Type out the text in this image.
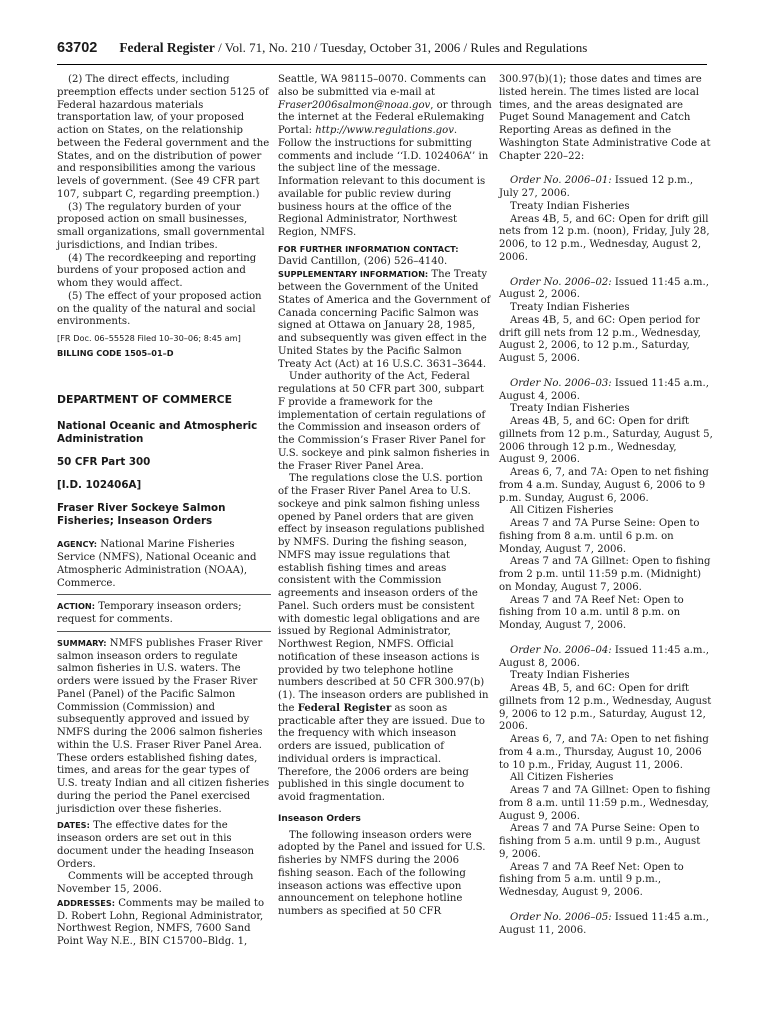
63702 Federal Register / Vol. 71, No. 210 / Tuesday, October 31, 2006 / Rules and Regulations

(2) The direct effects, including preemption effects under section 5125 of Federal hazardous materials transportation law, of your proposed action on States, on the relationship between the Federal government and the States, and on the distribution of power and responsibilities among the various levels of government. (See 49 CFR part 107, subpart C, regarding preemption.)

(3) The regulatory burden of your proposed action on small businesses, small organizations, small governmental jurisdictions, and Indian tribes.

(4) The recordkeeping and reporting burdens of your proposed action and whom they would affect.

(5) The effect of your proposed action on the quality of the natural and social environments.

[FR Doc. 06–55528 Filed 10–30–06; 8:45 am]

BILLING CODE 1505–01–D

DEPARTMENT OF COMMERCE

National Oceanic and Atmospheric Administration

50 CFR Part 300

[I.D. 102406A]

Fraser River Sockeye Salmon Fisheries; Inseason Orders

AGENCY: National Marine Fisheries Service (NMFS), National Oceanic and Atmospheric Administration (NOAA), Commerce.

ACTION: Temporary inseason orders; request for comments.

SUMMARY: NMFS publishes Fraser River salmon inseason orders to regulate salmon fisheries in U.S. waters. The orders were issued by the Fraser River Panel (Panel) of the Pacific Salmon Commission (Commission) and subsequently approved and issued by NMFS during the 2006 salmon fisheries within the U.S. Fraser River Panel Area. These orders established fishing dates, times, and areas for the gear types of U.S. treaty Indian and all citizen fisheries during the period the Panel exercised jurisdiction over these fisheries.

DATES: The effective dates for the inseason orders are set out in this document under the heading Inseason Orders.

Comments will be accepted through November 15, 2006.

ADDRESSES: Comments may be mailed to D. Robert Lohn, Regional Administrator, Northwest Region, NMFS, 7600 Sand Point Way N.E., BIN C15700–Bldg. 1,

Seattle, WA 98115–0070. Comments can also be submitted via e-mail at Fraser2006salmon@noaa.gov, or through the internet at the Federal eRulemaking Portal: http://www.regulations.gov. Follow the instructions for submitting comments and include ‘‘I.D. 102406A’’ in the subject line of the message. Information relevant to this document is available for public review during business hours at the office of the Regional Administrator, Northwest Region, NMFS.

FOR FURTHER INFORMATION CONTACT:

David Cantillon, (206) 526–4140.

SUPPLEMENTARY INFORMATION: The Treaty between the Government of the United States of America and the Government of Canada concerning Pacific Salmon was signed at Ottawa on January 28, 1985, and subsequently was given effect in the United States by the Pacific Salmon Treaty Act (Act) at 16 U.S.C. 3631–3644.

Under authority of the Act, Federal regulations at 50 CFR part 300, subpart F provide a framework for the implementation of certain regulations of the Commission and inseason orders of the Commission’s Fraser River Panel for U.S. sockeye and pink salmon fisheries in the Fraser River Panel Area.

The regulations close the U.S. portion of the Fraser River Panel Area to U.S. sockeye and pink salmon fishing unless opened by Panel orders that are given effect by inseason regulations published by NMFS. During the fishing season, NMFS may issue regulations that establish fishing times and areas consistent with the Commission agreements and inseason orders of the Panel. Such orders must be consistent with domestic legal obligations and are issued by Regional Administrator, Northwest Region, NMFS. Official notification of these inseason actions is provided by two telephone hotline numbers described at 50 CFR 300.97(b)(1). The inseason orders are published in the Federal Register as soon as practicable after they are issued. Due to the frequency with which inseason orders are issued, publication of individual orders is impractical. Therefore, the 2006 orders are being published in this single document to avoid fragmentation.

Inseason Orders

The following inseason orders were adopted by the Panel and issued for U.S. fisheries by NMFS during the 2006 fishing season. Each of the following inseason actions was effective upon announcement on telephone hotline numbers as specified at 50 CFR

300.97(b)(1); those dates and times are listed herein. The times listed are local times, and the areas designated are Puget Sound Management and Catch Reporting Areas as defined in the Washington State Administrative Code at Chapter 220–22:

Order No. 2006–01: Issued 12 p.m., July 27, 2006.

Treaty Indian Fisheries

Areas 4B, 5, and 6C: Open for drift gill nets from 12 p.m. (noon), Friday, July 28, 2006, to 12 p.m., Wednesday, August 2, 2006.

Order No. 2006–02: Issued 11:45 a.m., August 2, 2006.

Treaty Indian Fisheries

Areas 4B, 5, and 6C: Open period for drift gill nets from 12 p.m., Wednesday, August 2, 2006, to 12 p.m., Saturday, August 5, 2006.

Order No. 2006–03: Issued 11:45 a.m., August 4, 2006.

Treaty Indian Fisheries

Areas 4B, 5, and 6C: Open for drift gillnets from 12 p.m., Saturday, August 5, 2006 through 12 p.m., Wednesday, August 9, 2006.

Areas 6, 7, and 7A: Open to net fishing from 4 a.m. Sunday, August 6, 2006 to 9 p.m. Sunday, August 6, 2006.

All Citizen Fisheries

Areas 7 and 7A Purse Seine: Open to fishing from 8 a.m. until 6 p.m. on Monday, August 7, 2006.

Areas 7 and 7A Gillnet: Open to fishing from 2 p.m. until 11:59 p.m. (Midnight) on Monday, August 7, 2006.

Areas 7 and 7A Reef Net: Open to fishing from 10 a.m. until 8 p.m. on Monday, August 7, 2006.

Order No. 2006–04: Issued 11:45 a.m., August 8, 2006.

Treaty Indian Fisheries

Areas 4B, 5, and 6C: Open for drift gillnets from 12 p.m., Wednesday, August 9, 2006 to 12 p.m., Saturday, August 12, 2006.

Areas 6, 7, and 7A: Open to net fishing from 4 a.m., Thursday, August 10, 2006 to 10 p.m., Friday, August 11, 2006.

All Citizen Fisheries

Areas 7 and 7A Gillnet: Open to fishing from 8 a.m. until 11:59 p.m., Wednesday, August 9, 2006.

Areas 7 and 7A Purse Seine: Open to fishing from 5 a.m. until 9 p.m., August 9, 2006.

Areas 7 and 7A Reef Net: Open to fishing from 5 a.m. until 9 p.m., Wednesday, August 9, 2006.

Order No. 2006–05: Issued 11:45 a.m., August 11, 2006.
